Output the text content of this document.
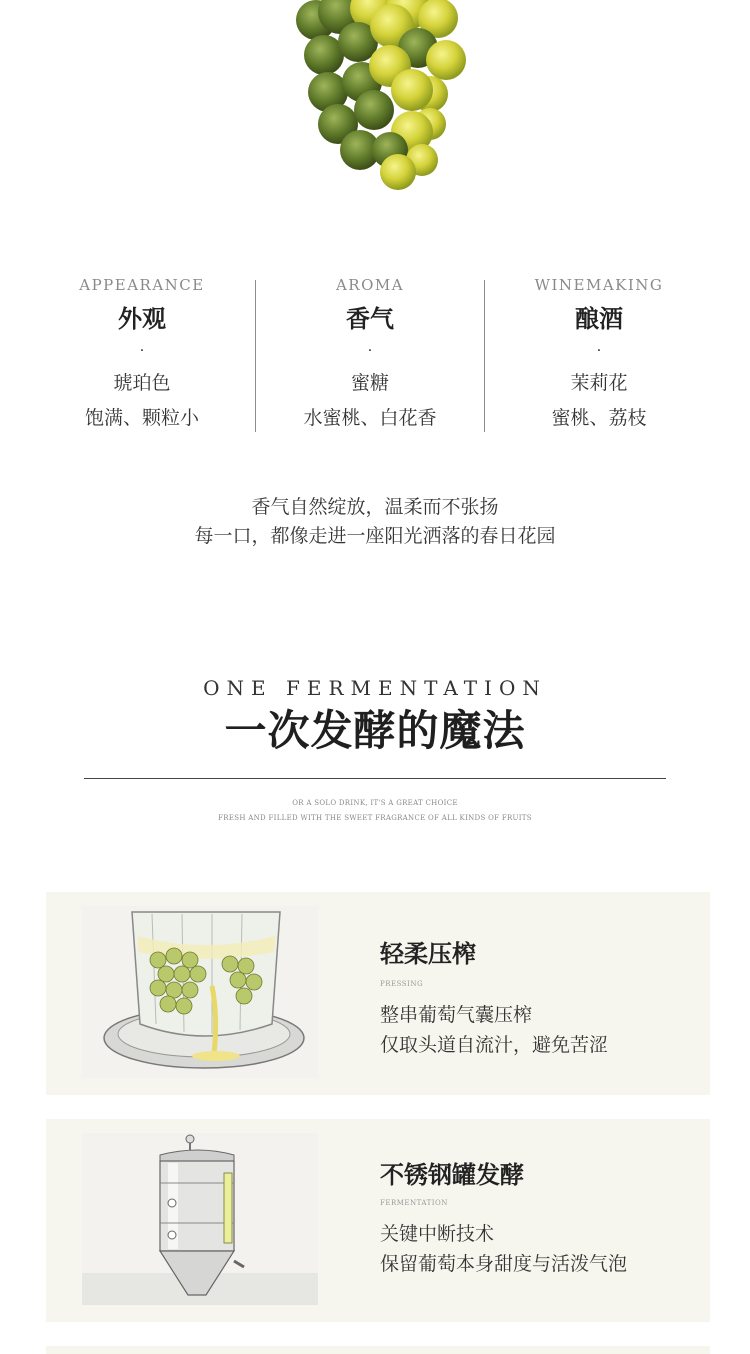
APPEARANCE
外观
·
琥珀色
饱满、颗粒小
AROMA
香气
·
蜜糖
水蜜桃、白花香
WINEMAKING
酿酒
·
茉莉花
蜜桃、荔枝
香气自然绽放，温柔而不张扬
每一口，都像走进一座阳光洒落的春日花园
ONE FERMENTATION
一次发酵的魔法
OR A SOLO DRINK, IT'S A GREAT CHOICE
FRESH AND FILLED WITH THE SWEET FRAGRANCE OF ALL KINDS OF FRUITS
轻柔压榨
PRESSING
整串葡萄气囊压榨
仅取头道自流汁，避免苦涩
不锈钢罐发酵
FERMENTATION
关键中断技术
保留葡萄本身甜度与活泼气泡
